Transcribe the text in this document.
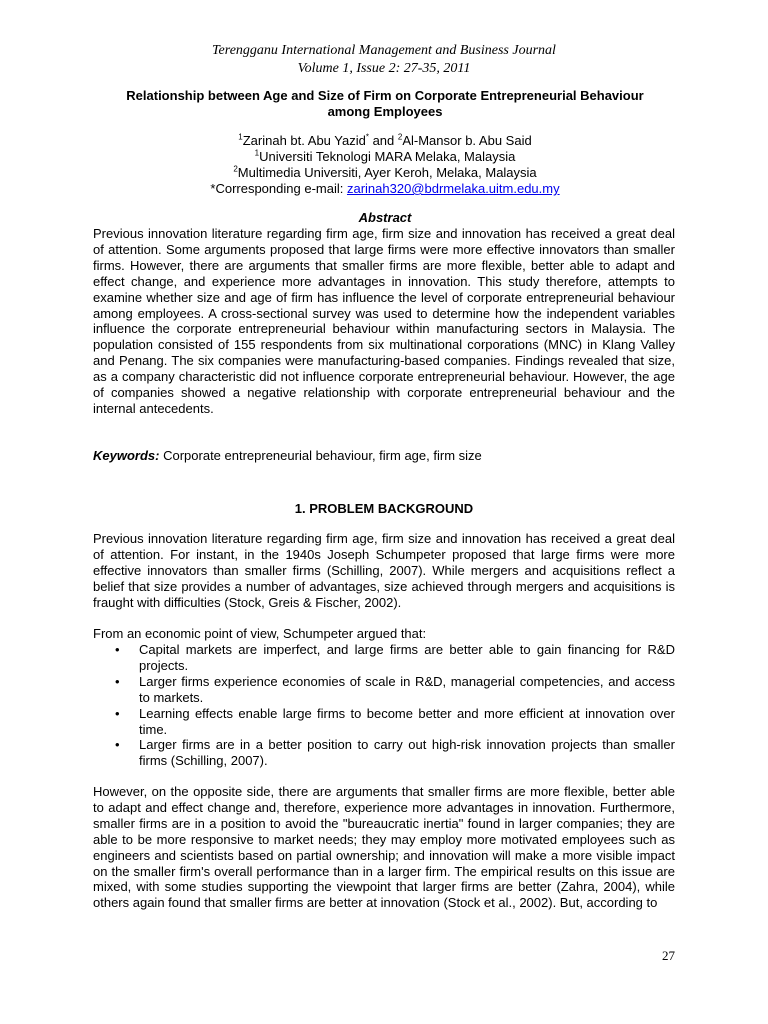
Terengganu International Management and Business Journal
Volume 1, Issue 2: 27-35, 2011
Relationship between Age and Size of Firm on Corporate Entrepreneurial Behaviour
among Employees
$^1$Zarinah bt. Abu Yazid* and $^2$Al-Mansor b. Abu Said
$^1$Universiti Teknologi MARA Melaka, Malaysia
$^2$Multimedia Universiti, Ayer Keroh, Melaka, Malaysia
*Corresponding e-mail: zarinah320@bdrmelaka.uitm.edu.my
Abstract
Previous innovation literature regarding firm age, firm size and innovation has received a great deal of attention. Some arguments proposed that large firms were more effective innovators than smaller firms. However, there are arguments that smaller firms are more flexible, better able to adapt and effect change, and experience more advantages in innovation. This study therefore, attempts to examine whether size and age of firm has influence the level of corporate entrepreneurial behaviour among employees. A cross-sectional survey was used to determine how the independent variables influence the corporate entrepreneurial behaviour within manufacturing sectors in Malaysia. The population consisted of 155 respondents from six multinational corporations (MNC) in Klang Valley and Penang. The six companies were manufacturing-based companies. Findings revealed that size, as a company characteristic did not influence corporate entrepreneurial behaviour. However, the age of companies showed a negative relationship with corporate entrepreneurial behaviour and the internal antecedents.
Keywords: Corporate entrepreneurial behaviour, firm age, firm size
1. PROBLEM BACKGROUND
Previous innovation literature regarding firm age, firm size and innovation has received a great deal of attention. For instant, in the 1940s Joseph Schumpeter proposed that large firms were more effective innovators than smaller firms (Schilling, 2007). While mergers and acquisitions reflect a belief that size provides a number of advantages, size achieved through mergers and acquisitions is fraught with difficulties (Stock, Greis & Fischer, 2002).
From an economic point of view, Schumpeter argued that:
• Capital markets are imperfect, and large firms are better able to gain financing for R&D projects.
• Larger firms experience economies of scale in R&D, managerial competencies, and access to markets.
• Learning effects enable large firms to become better and more efficient at innovation over time.
• Larger firms are in a better position to carry out high-risk innovation projects than smaller firms (Schilling, 2007).
However, on the opposite side, there are arguments that smaller firms are more flexible, better able to adapt and effect change and, therefore, experience more advantages in innovation. Furthermore, smaller firms are in a position to avoid the "bureaucratic inertia" found in larger companies; they are able to be more responsive to market needs; they may employ more motivated employees such as engineers and scientists based on partial ownership; and innovation will make a more visible impact on the smaller firm's overall performance than in a larger firm. The empirical results on this issue are mixed, with some studies supporting the viewpoint that larger firms are better (Zahra, 2004), while others again found that smaller firms are better at innovation (Stock et al., 2002). But, according to
27
